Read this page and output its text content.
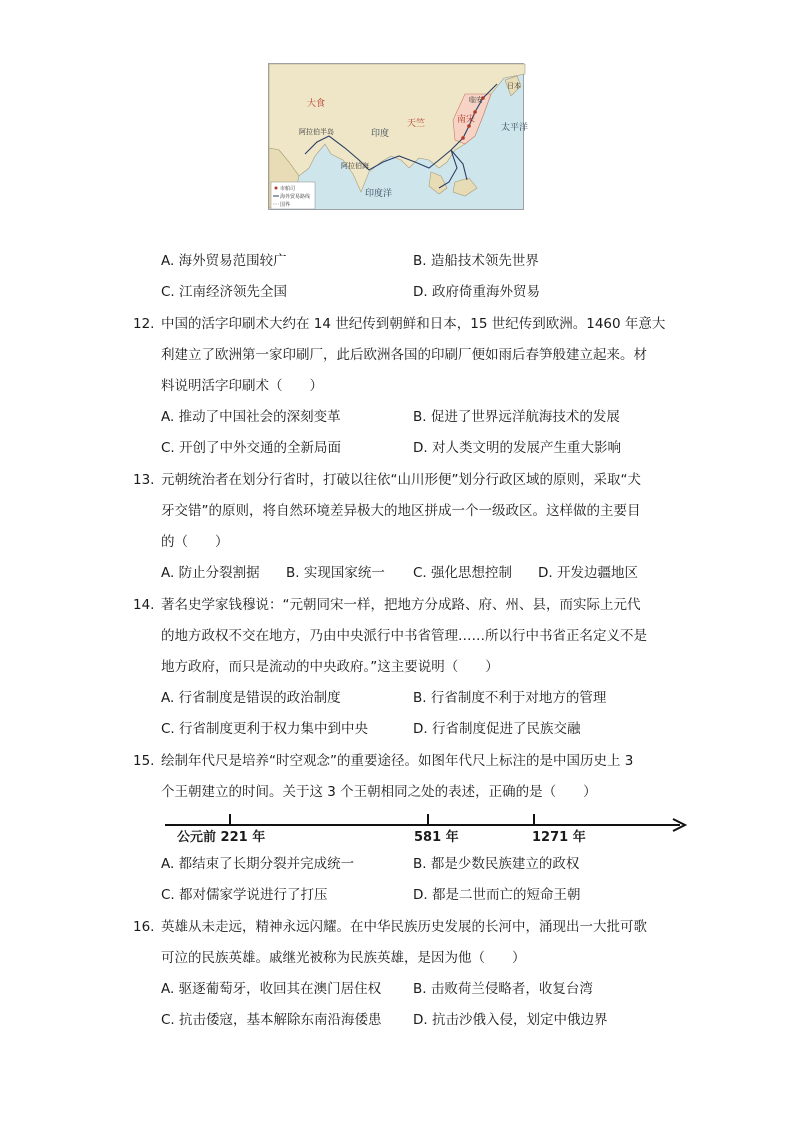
大食
天竺
印度
阿拉伯半岛
阿拉伯海
临安
南宋
太平洋
印度洋
日本
市舶司
海外贸易路线
国界
A. 海外贸易范围较广	B. 造船技术领先世界
C. 江南经济领先全国	D. 政府倚重海外贸易
12. 中国的活字印刷术大约在 14 世纪传到朝鲜和日本，15 世纪传到欧洲。1460 年意大
利建立了欧洲第一家印刷厂，此后欧洲各国的印刷厂便如雨后春笋般建立起来。材
料说明活字印刷术（　　）
A. 推动了中国社会的深刻变革	B. 促进了世界远洋航海技术的发展
C. 开创了中外交通的全新局面	D. 对人类文明的发展产生重大影响
13. 元朝统治者在划分行省时，打破以往依“山川形便”划分行政区域的原则，采取“犬
牙交错”的原则，将自然环境差异极大的地区拼成一个一级政区。这样做的主要目
的（　　）
A. 防止分裂割据 B. 实现国家统一 C. 强化思想控制 D. 开发边疆地区
14. 著名史学家钱穆说：“元朝同宋一样，把地方分成路、府、州、县，而实际上元代
的地方政权不交在地方，乃由中央派行中书省管理……所以行中书省正名定义不是
地方政府，而只是流动的中央政府。”这主要说明（　　）
A. 行省制度是错误的政治制度	B. 行省制度不利于对地方的管理
C. 行省制度更利于权力集中到中央	D. 行省制度促进了民族交融
15. 绘制年代尺是培养“时空观念”的重要途径。如图年代尺上标注的是中国历史上 3
个王朝建立的时间。关于这 3 个王朝相同之处的表述，正确的是（　　）
公元前 221 年	581 年	1271 年
A. 都结束了长期分裂并完成统一	B. 都是少数民族建立的政权
C. 都对儒家学说进行了打压	D. 都是二世而亡的短命王朝
16. 英雄从未走远，精神永远闪耀。在中华民族历史发展的长河中，涌现出一大批可歌
可泣的民族英雄。戚继光被称为民族英雄，是因为他（　　）
A. 驱逐葡萄牙，收回其在澳门居住权 B. 击败荷兰侵略者，收复台湾
C. 抗击倭寇，基本解除东南沿海倭患 D. 抗击沙俄入侵，划定中俄边界
